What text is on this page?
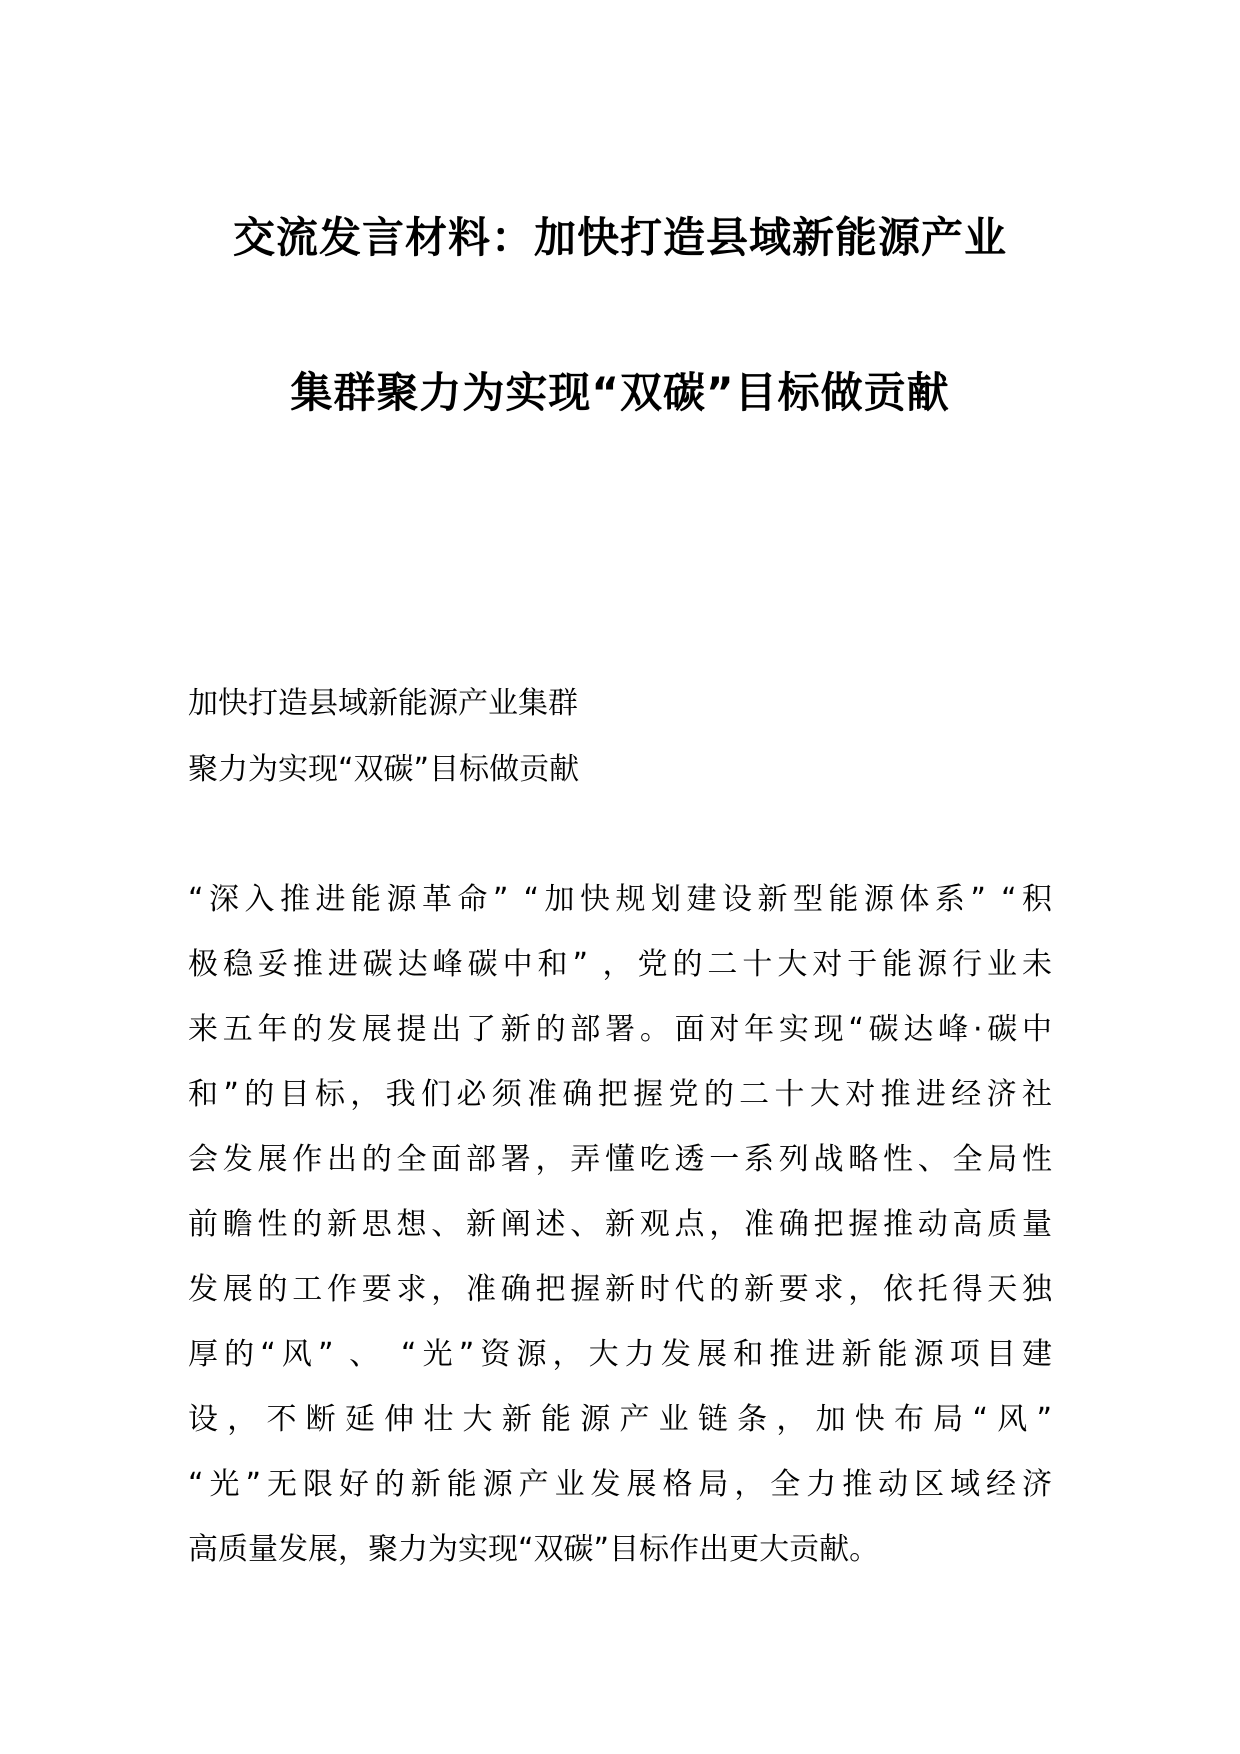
交流发言材料：加快打造县域新能源产业
集群聚力为实现“双碳”目标做贡献
加快打造县域新能源产业集群
聚力为实现“双碳”目标做贡献
“深入推进能源革命” “加快规划建设新型能源体系” “积
极稳妥推进碳达峰碳中和” ，党的二十大对于能源行业未
来五年的发展提出了新的部署。面对年实现“碳达峰·碳中
和”的目标，我们必须准确把握党的二十大对推进经济社
会发展作出的全面部署，弄懂吃透一系列战略性、全局性
前瞻性的新思想、新阐述、新观点，准确把握推动高质量
发展的工作要求，准确把握新时代的新要求，依托得天独
厚的“风” 、 “光”资源，大力发展和推进新能源项目建
设，不断延伸壮大新能源产业链条，加快布局“风”
“光”无限好的新能源产业发展格局，全力推动区域经济
高质量发展，聚力为实现“双碳”目标作出更大贡献。
